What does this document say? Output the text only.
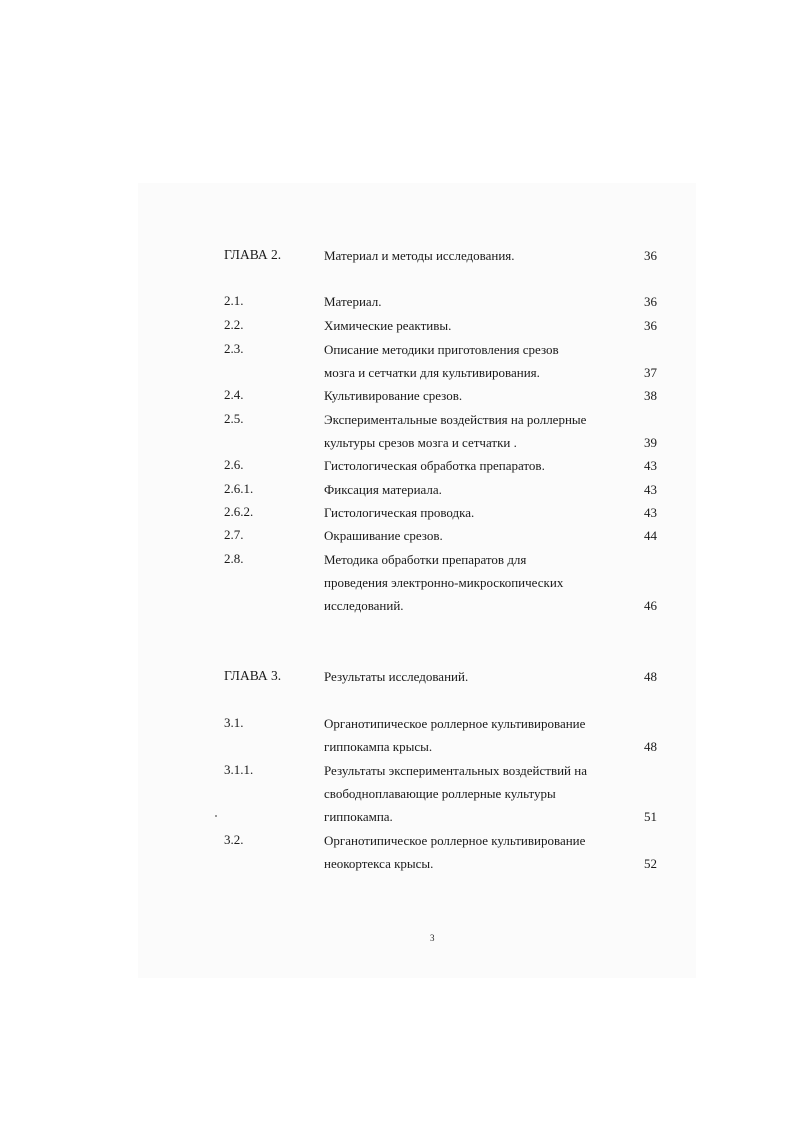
ГЛАВА 2.	Материал и методы исследования.	36
2.1.	Материал.	36
2.2.	Химические реактивы.	36
2.3.	Описание методики приготовления срезов
мозга и сетчатки для культивирования.	37
2.4.	Культивирование срезов.	38
2.5.	Экспериментальные воздействия на роллерные
культуры срезов мозга и сетчатки .	39
2.6.	Гистологическая обработка препаратов.	43
2.6.1.	Фиксация материала.	43
2.6.2.	Гистологическая проводка.	43
2.7.	Окрашивание срезов.	44
2.8.	Методика обработки препаратов для
проведения электронно-микроскопических
исследований.	46
ГЛАВА 3.	Результаты исследований.	48
3.1.	Органотипическое роллерное культивирование
гиппокампа крысы.	48
3.1.1.	Результаты экспериментальных воздействий на
свободноплавающие роллерные культуры
гиппокампа.	51
3.2.	Органотипическое роллерное культивирование
неокортекса крысы.	52
3
